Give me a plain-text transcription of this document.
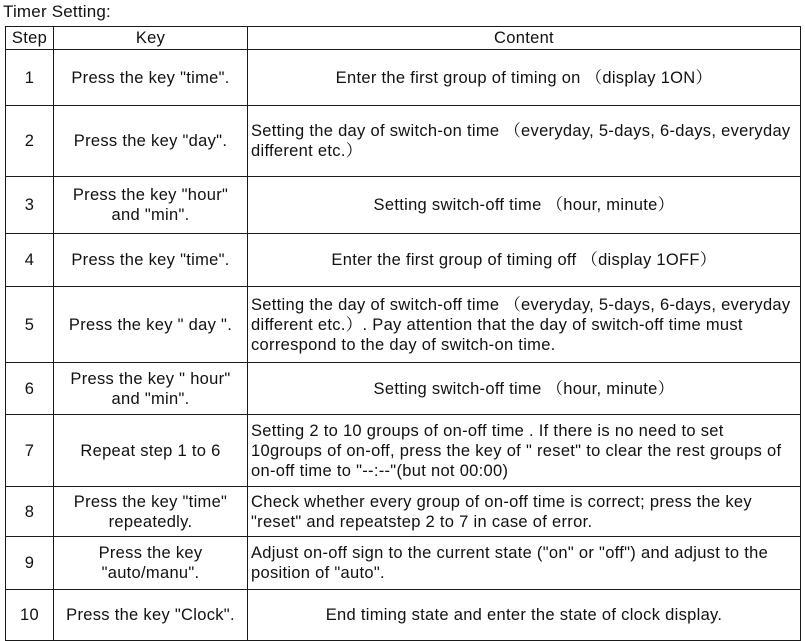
Timer Setting:
Step	Key	Content
1	Press the key "time".	Enter the first group of timing on （display 1ON）
2	Press the key "day".	Setting the day of switch-on time （everyday, 5-days, 6-days, everyday different etc.）
3	Press the key "hour" and "min".	Setting switch-off time （hour, minute）
4	Press the key "time".	Enter the first group of timing off （display 1OFF）
5	Press the key " day ".	Setting the day of switch-off time （everyday, 5-days, 6-days, everyday different etc.）. Pay attention that the day of switch-off time must correspond to the day of switch-on time.
6	Press the key " hour" and "min".	Setting switch-off time （hour, minute）
7	Repeat step 1 to 6	Setting 2 to 10 groups of on-off time . If there is no need to set 10groups of on-off, press the key of " reset" to clear the rest groups of on-off time to "--:--"(but not 00:00)
8	Press the key "time" repeatedly.	Check whether every group of on-off time is correct; press the key "reset" and repeatstep 2 to 7 in case of error.
9	Press the key "auto/manu".	Adjust on-off sign to the current state ("on" or "off") and adjust to the position of "auto".
10	Press the key "Clock".	End timing state and enter the state of clock display.
